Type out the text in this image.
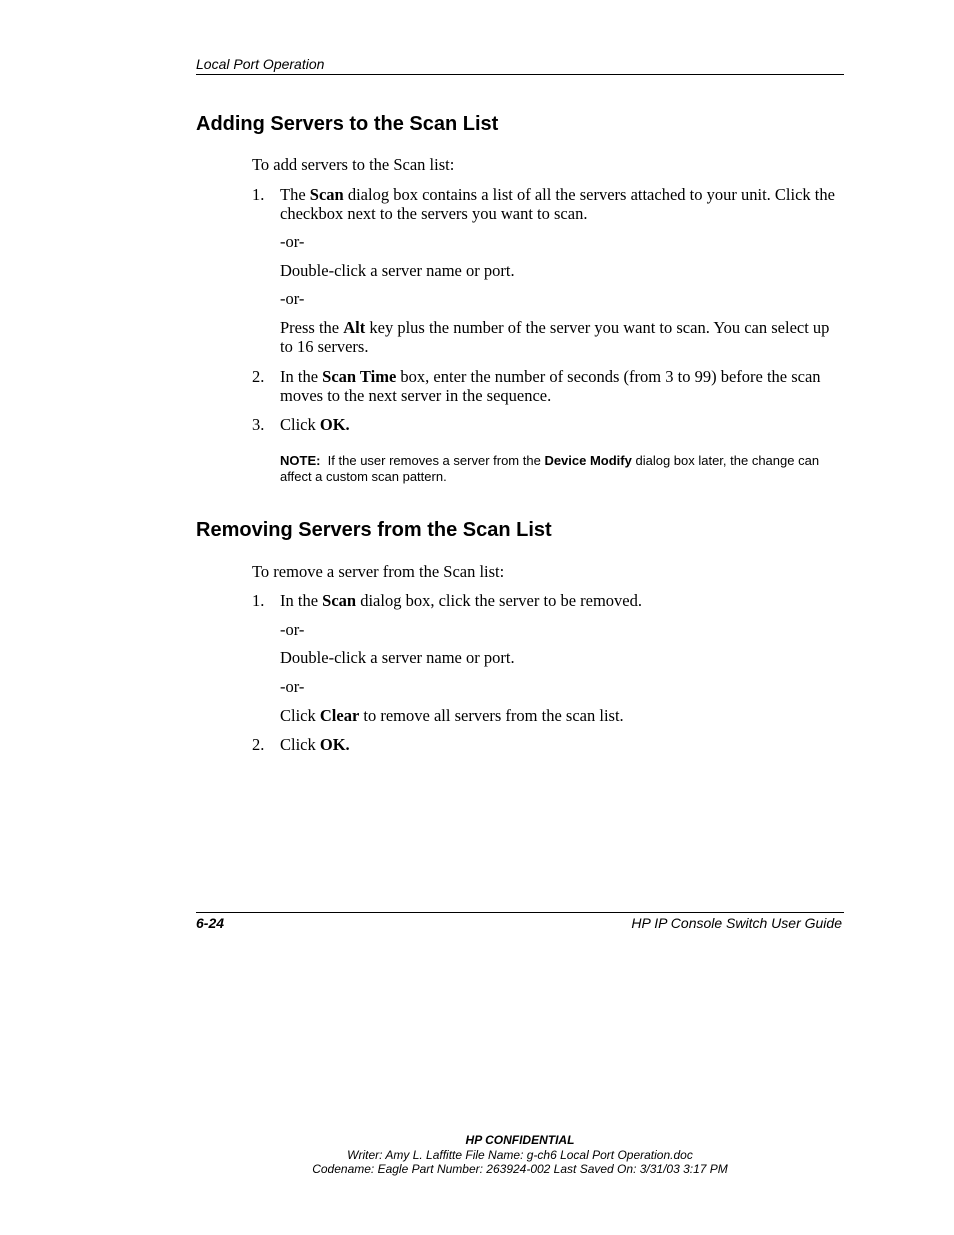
Local Port Operation
Adding Servers to the Scan List
To add servers to the Scan list:
1. The Scan dialog box contains a list of all the servers attached to your unit. Click the checkbox next to the servers you want to scan.
-or-
Double-click a server name or port.
-or-
Press the Alt key plus the number of the server you want to scan. You can select up to 16 servers.
2. In the Scan Time box, enter the number of seconds (from 3 to 99) before the scan moves to the next server in the sequence.
3. Click OK.
NOTE:  If the user removes a server from the Device Modify dialog box later, the change can affect a custom scan pattern.
Removing Servers from the Scan List
To remove a server from the Scan list:
1. In the Scan dialog box, click the server to be removed.
-or-
Double-click a server name or port.
-or-
Click Clear to remove all servers from the scan list.
2. Click OK.
6-24	HP IP Console Switch User Guide
HP CONFIDENTIAL
Writer: Amy L. Laffitte File Name: g-ch6 Local Port Operation.doc
Codename: Eagle Part Number: 263924-002 Last Saved On: 3/31/03 3:17 PM
